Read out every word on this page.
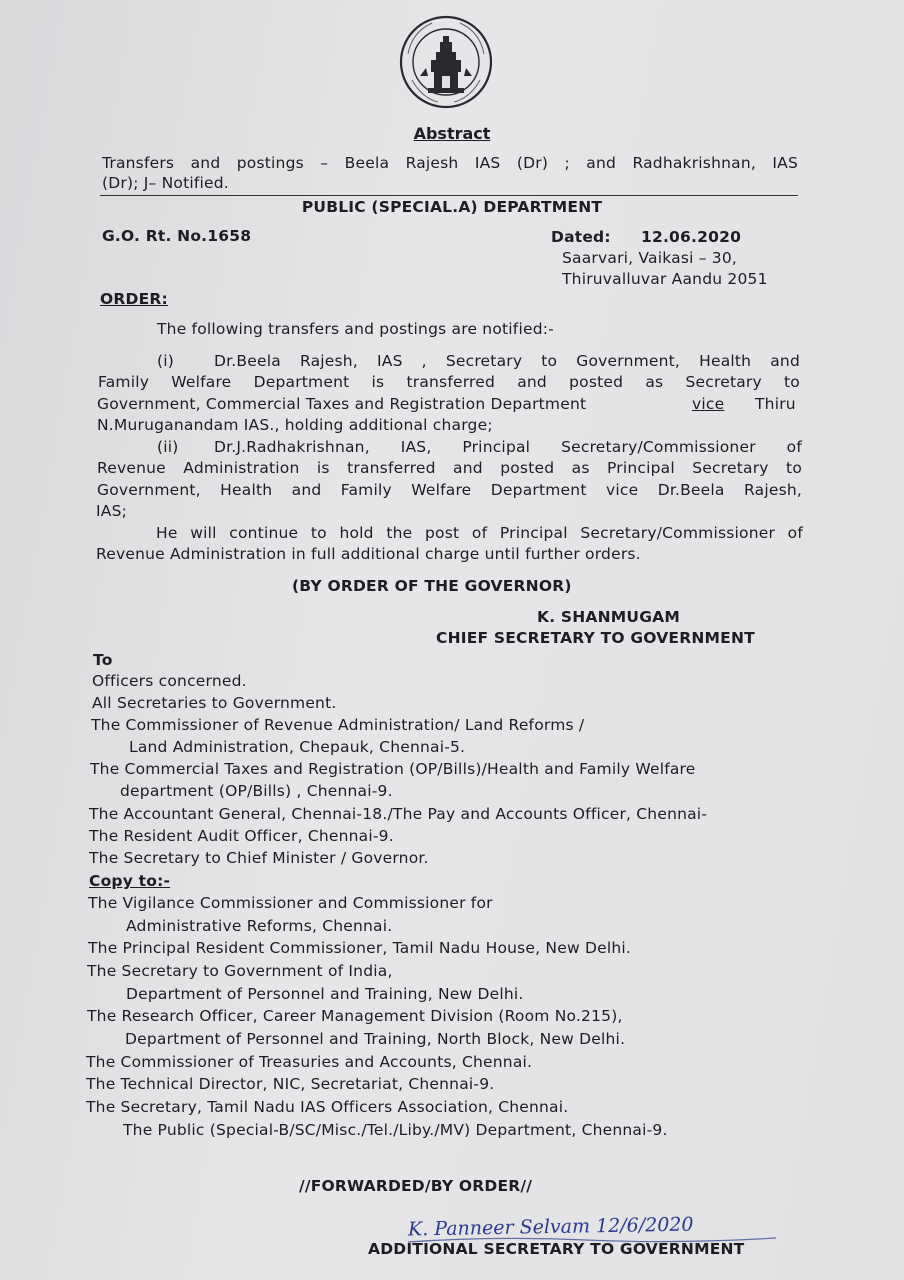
Abstract
Transfers and postings – Beela Rajesh IAS (Dr) ; and Radhakrishnan, IAS
(Dr); J– Notified.
PUBLIC (SPECIAL.A) DEPARTMENT
G.O. Rt. No.1658	Dated: 12.06.2020
Saarvari, Vaikasi – 30,
Thiruvalluvar Aandu 2051
ORDER:
The following transfers and postings are notified:-
(i)	Dr.Beela Rajesh, IAS , Secretary to Government, Health and
Family Welfare Department is transferred and posted as Secretary to
Government, Commercial Taxes and Registration Department	vice Thiru
N.Muruganandam IAS., holding additional charge;
(ii) Dr.J.Radhakrishnan, IAS, Principal Secretary/Commissioner of
Revenue Administration is transferred and posted as Principal Secretary to
Government, Health and Family Welfare Department vice Dr.Beela Rajesh,
IAS;
He will continue to hold the post of Principal Secretary/Commissioner of
Revenue Administration in full additional charge until further orders.
(BY ORDER OF THE GOVERNOR)
K. SHANMUGAM
CHIEF SECRETARY TO GOVERNMENT
To
Officers concerned.
All Secretaries to Government.
The Commissioner of Revenue Administration/ Land Reforms /
Land Administration, Chepauk, Chennai-5.
The Commercial Taxes and Registration (OP/Bills)/Health and Family Welfare
department (OP/Bills) , Chennai-9.
The Accountant General, Chennai-18./The Pay and Accounts Officer, Chennai-
The Resident Audit Officer, Chennai-9.
The Secretary to Chief Minister / Governor.
Copy to:-
The Vigilance Commissioner and Commissioner for
Administrative Reforms, Chennai.
The Principal Resident Commissioner, Tamil Nadu House, New Delhi.
The Secretary to Government of India,
Department of Personnel and Training, New Delhi.
The Research Officer, Career Management Division (Room No.215),
Department of Personnel and Training, North Block, New Delhi.
The Commissioner of Treasuries and Accounts, Chennai.
The Technical Director, NIC, Secretariat, Chennai-9.
The Secretary, Tamil Nadu IAS Officers Association, Chennai.
The Public (Special-B/SC/Misc./Tel./Liby./MV) Department, Chennai-9.
//FORWARDED/BY ORDER//
K. Panneer Selvam 12/6/2020
ADDITIONAL SECRETARY TO GOVERNMENT
